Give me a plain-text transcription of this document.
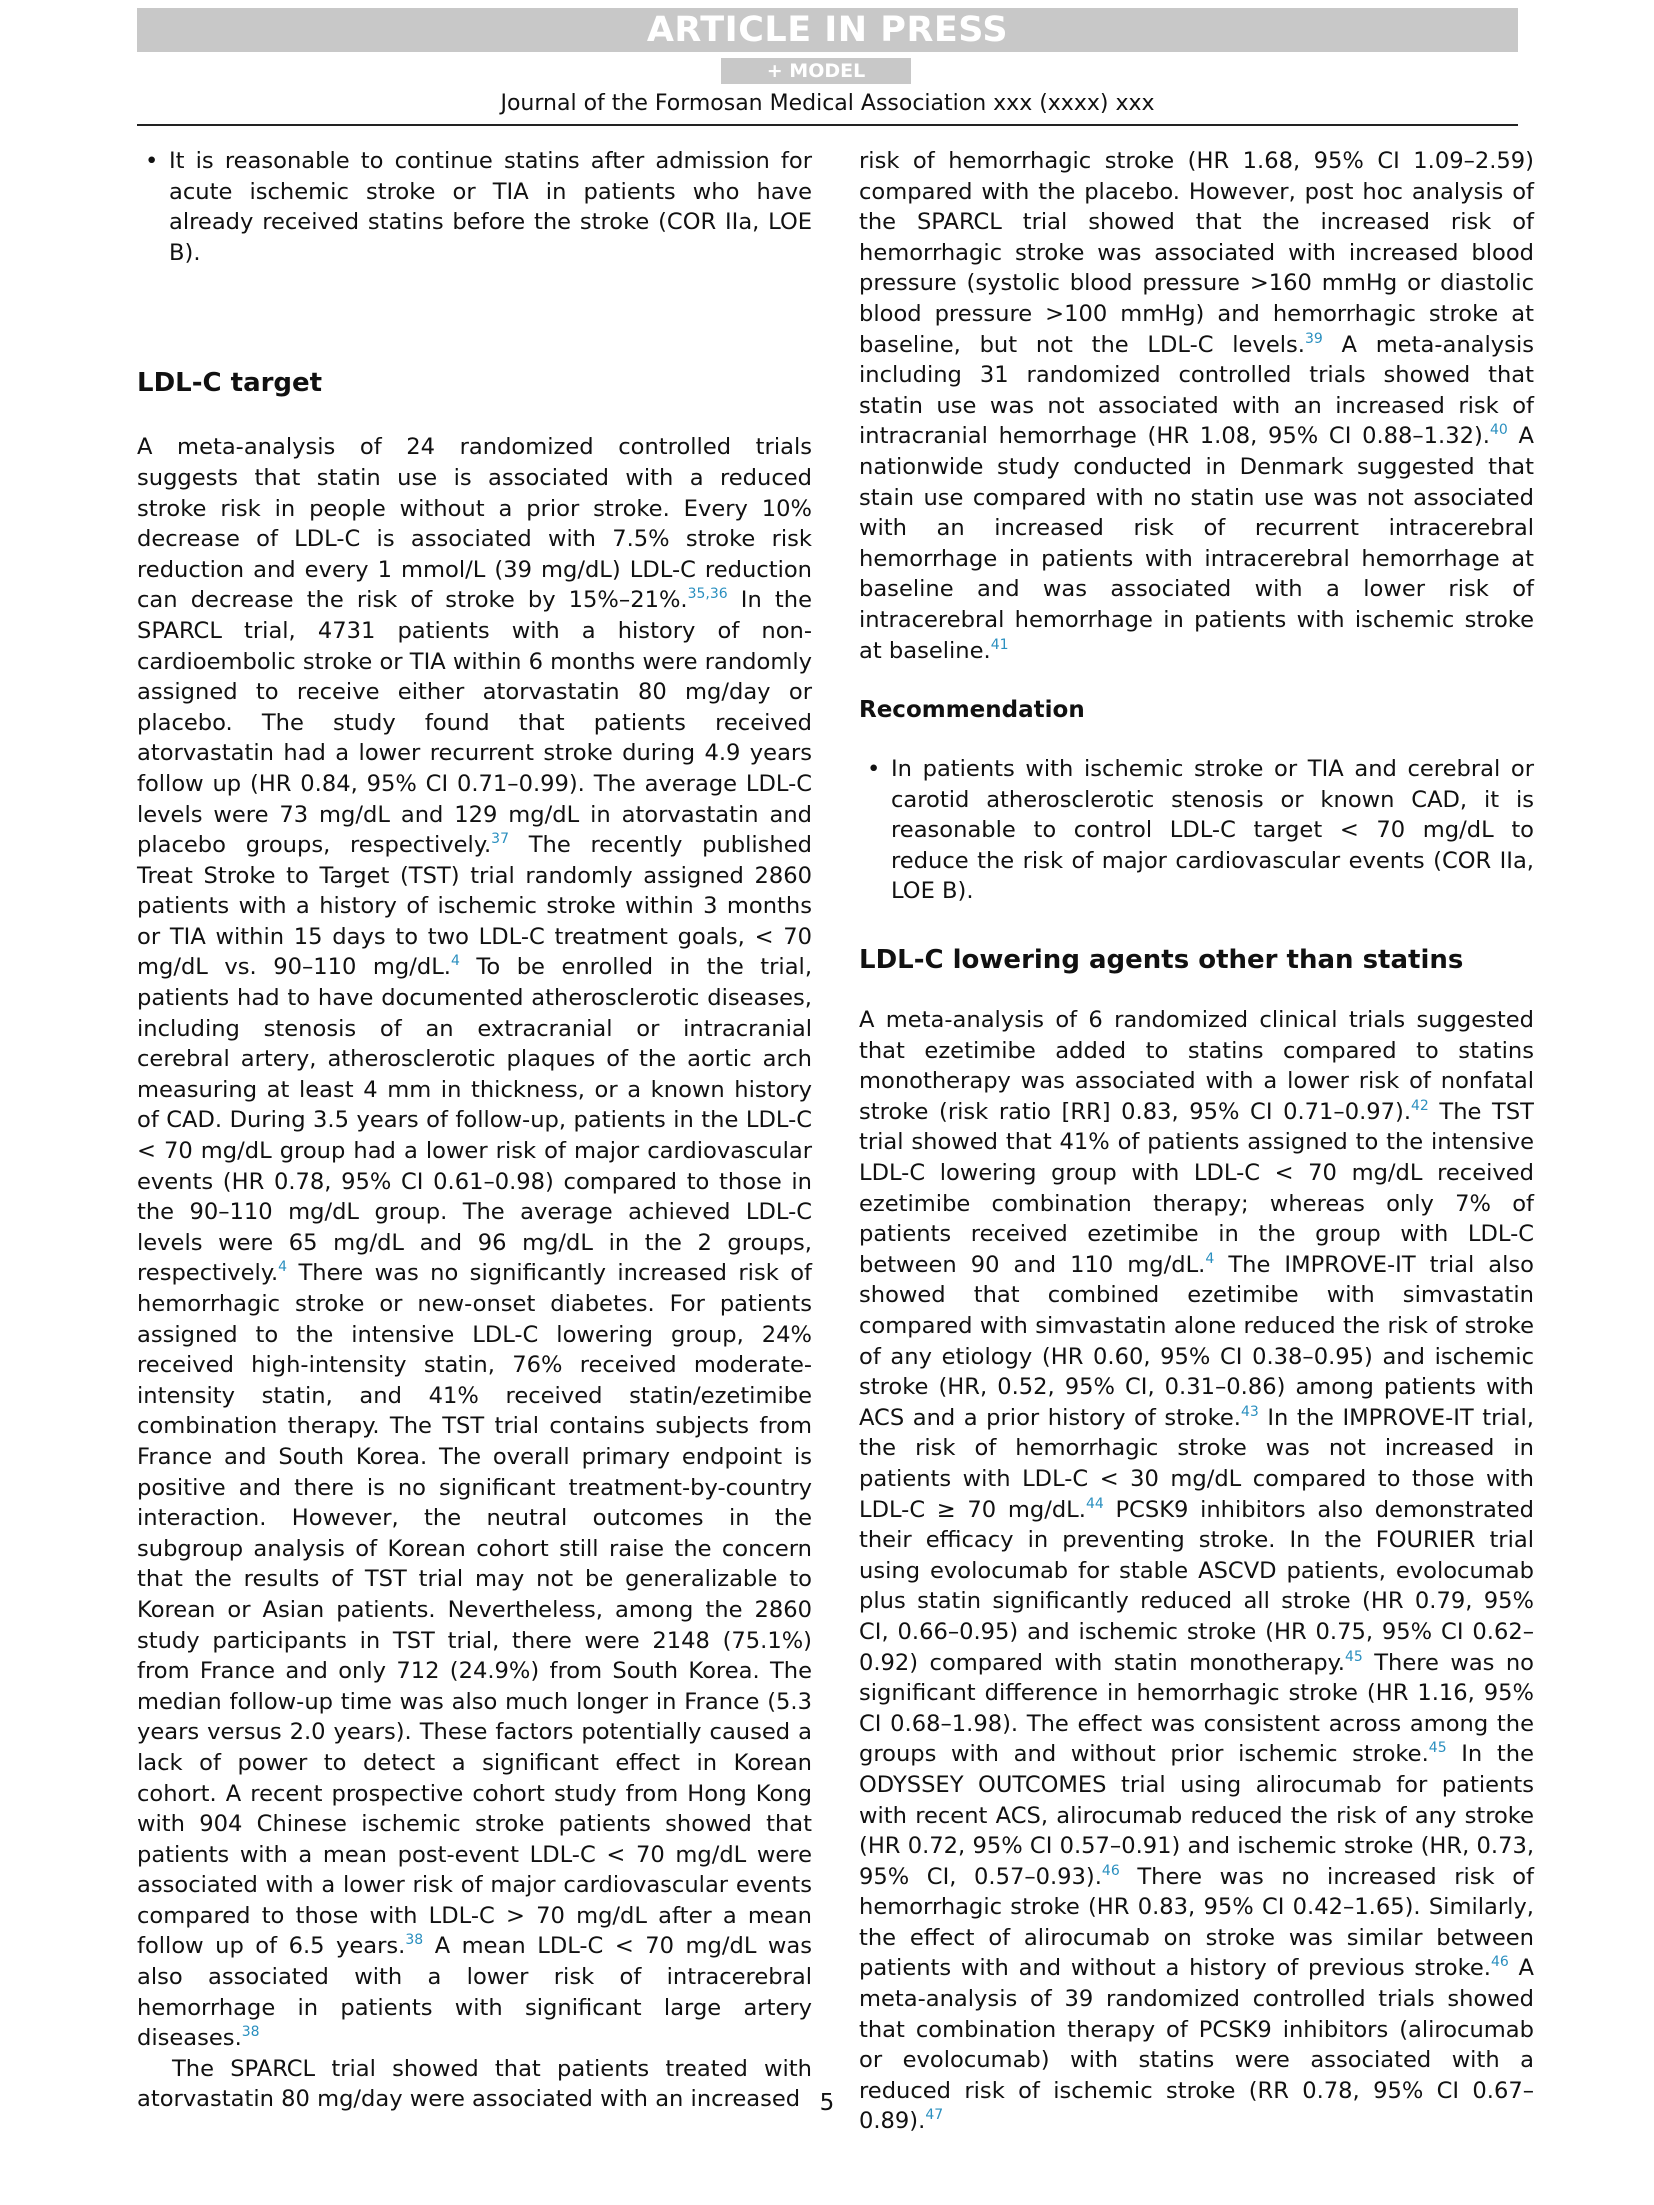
ARTICLE IN PRESS
+ MODEL
Journal of the Formosan Medical Association xxx (xxxx) xxx
• It is reasonable to continue statins after admission for acute ischemic stroke or TIA in patients who have already received statins before the stroke (COR IIa, LOE B).
LDL-C target

A meta-analysis of 24 randomized controlled trials suggests that statin use is associated with a reduced stroke risk in people without a prior stroke. Every 10% decrease of LDL-C is associated with 7.5% stroke risk reduction and every 1 mmol/L (39 mg/dL) LDL-C reduction can decrease the risk of stroke by 15%–21%.$^{35,36}$ In the SPARCL trial, 4731 patients with a history of non-cardioembolic stroke or TIA within 6 months were randomly assigned to receive either atorvastatin 80 mg/day or placebo. The study found that patients received atorvastatin had a lower recurrent stroke during 4.9 years follow up (HR 0.84, 95% CI 0.71–0.99). The average LDL-C levels were 73 mg/dL and 129 mg/dL in atorvastatin and placebo groups, respectively.$^{37}$ The recently published Treat Stroke to Target (TST) trial randomly assigned 2860 patients with a history of ischemic stroke within 3 months or TIA within 15 days to two LDL-C treatment goals, < 70 mg/dL vs. 90–110 mg/dL.$^4$ To be enrolled in the trial, patients had to have documented atherosclerotic diseases, including stenosis of an extracranial or intracranial cerebral artery, atherosclerotic plaques of the aortic arch measuring at least 4 mm in thickness, or a known history of CAD. During 3.5 years of follow-up, patients in the LDL-C < 70 mg/dL group had a lower risk of major cardiovascular events (HR 0.78, 95% CI 0.61–0.98) compared to those in the 90–110 mg/dL group. The average achieved LDL-C levels were 65 mg/dL and 96 mg/dL in the 2 groups, respectively.$^4$ There was no significantly increased risk of hemorrhagic stroke or new-onset diabetes. For patients assigned to the intensive LDL-C lowering group, 24% received high-intensity statin, 76% received moderate-intensity statin, and 41% received statin/ezetimibe combination therapy. The TST trial contains subjects from France and South Korea. The overall primary endpoint is positive and there is no significant treatment-by-country interaction. However, the neutral outcomes in the subgroup analysis of Korean cohort still raise the concern that the results of TST trial may not be generalizable to Korean or Asian patients. Nevertheless, among the 2860 study participants in TST trial, there were 2148 (75.1%) from France and only 712 (24.9%) from South Korea. The median follow-up time was also much longer in France (5.3 years versus 2.0 years). These factors potentially caused a lack of power to detect a significant effect in Korean cohort. A recent prospective cohort study from Hong Kong with 904 Chinese ischemic stroke patients showed that patients with a mean post-event LDL-C < 70 mg/dL were associated with a lower risk of major cardiovascular events compared to those with LDL-C > 70 mg/dL after a mean follow up of 6.5 years.$^{38}$ A mean LDL-C < 70 mg/dL was also associated with a lower risk of intracerebral hemorrhage in patients with significant large artery diseases.$^{38}$

The SPARCL trial showed that patients treated with atorvastatin 80 mg/day were associated with an increased

risk of hemorrhagic stroke (HR 1.68, 95% CI 1.09–2.59) compared with the placebo. However, post hoc analysis of the SPARCL trial showed that the increased risk of hemorrhagic stroke was associated with increased blood pressure (systolic blood pressure >160 mmHg or diastolic blood pressure >100 mmHg) and hemorrhagic stroke at baseline, but not the LDL-C levels.$^{39}$ A meta-analysis including 31 randomized controlled trials showed that statin use was not associated with an increased risk of intracranial hemorrhage (HR 1.08, 95% CI 0.88–1.32).$^{40}$ A nationwide study conducted in Denmark suggested that stain use compared with no statin use was not associated with an increased risk of recurrent intracerebral hemorrhage in patients with intracerebral hemorrhage at baseline and was associated with a lower risk of intracerebral hemorrhage in patients with ischemic stroke at baseline.$^{41}$

Recommendation
• In patients with ischemic stroke or TIA and cerebral or carotid atherosclerotic stenosis or known CAD, it is reasonable to control LDL-C target < 70 mg/dL to reduce the risk of major cardiovascular events (COR IIa, LOE B).
LDL-C lowering agents other than statins

A meta-analysis of 6 randomized clinical trials suggested that ezetimibe added to statins compared to statins monotherapy was associated with a lower risk of nonfatal stroke (risk ratio [RR] 0.83, 95% CI 0.71–0.97).$^{42}$ The TST trial showed that 41% of patients assigned to the intensive LDL-C lowering group with LDL-C < 70 mg/dL received ezetimibe combination therapy; whereas only 7% of patients received ezetimibe in the group with LDL-C between 90 and 110 mg/dL.$^4$ The IMPROVE-IT trial also showed that combined ezetimibe with simvastatin compared with simvastatin alone reduced the risk of stroke of any etiology (HR 0.60, 95% CI 0.38–0.95) and ischemic stroke (HR, 0.52, 95% CI, 0.31–0.86) among patients with ACS and a prior history of stroke.$^{43}$ In the IMPROVE-IT trial, the risk of hemorrhagic stroke was not increased in patients with LDL-C < 30 mg/dL compared to those with LDL-C ≥ 70 mg/dL.$^{44}$ PCSK9 inhibitors also demonstrated their efficacy in preventing stroke. In the FOURIER trial using evolocumab for stable ASCVD patients, evolocumab plus statin significantly reduced all stroke (HR 0.79, 95% CI, 0.66–0.95) and ischemic stroke (HR 0.75, 95% CI 0.62–0.92) compared with statin monotherapy.$^{45}$ There was no significant difference in hemorrhagic stroke (HR 1.16, 95% CI 0.68–1.98). The effect was consistent across among the groups with and without prior ischemic stroke.$^{45}$ In the ODYSSEY OUTCOMES trial using alirocumab for patients with recent ACS, alirocumab reduced the risk of any stroke (HR 0.72, 95% CI 0.57–0.91) and ischemic stroke (HR, 0.73, 95% CI, 0.57–0.93).$^{46}$ There was no increased risk of hemorrhagic stroke (HR 0.83, 95% CI 0.42–1.65). Similarly, the effect of alirocumab on stroke was similar between patients with and without a history of previous stroke.$^{46}$ A meta-analysis of 39 randomized controlled trials showed that combination therapy of PCSK9 inhibitors (alirocumab or evolocumab) with statins were associated with a reduced risk of ischemic stroke (RR 0.78, 95% CI 0.67–0.89).$^{47}$

5
